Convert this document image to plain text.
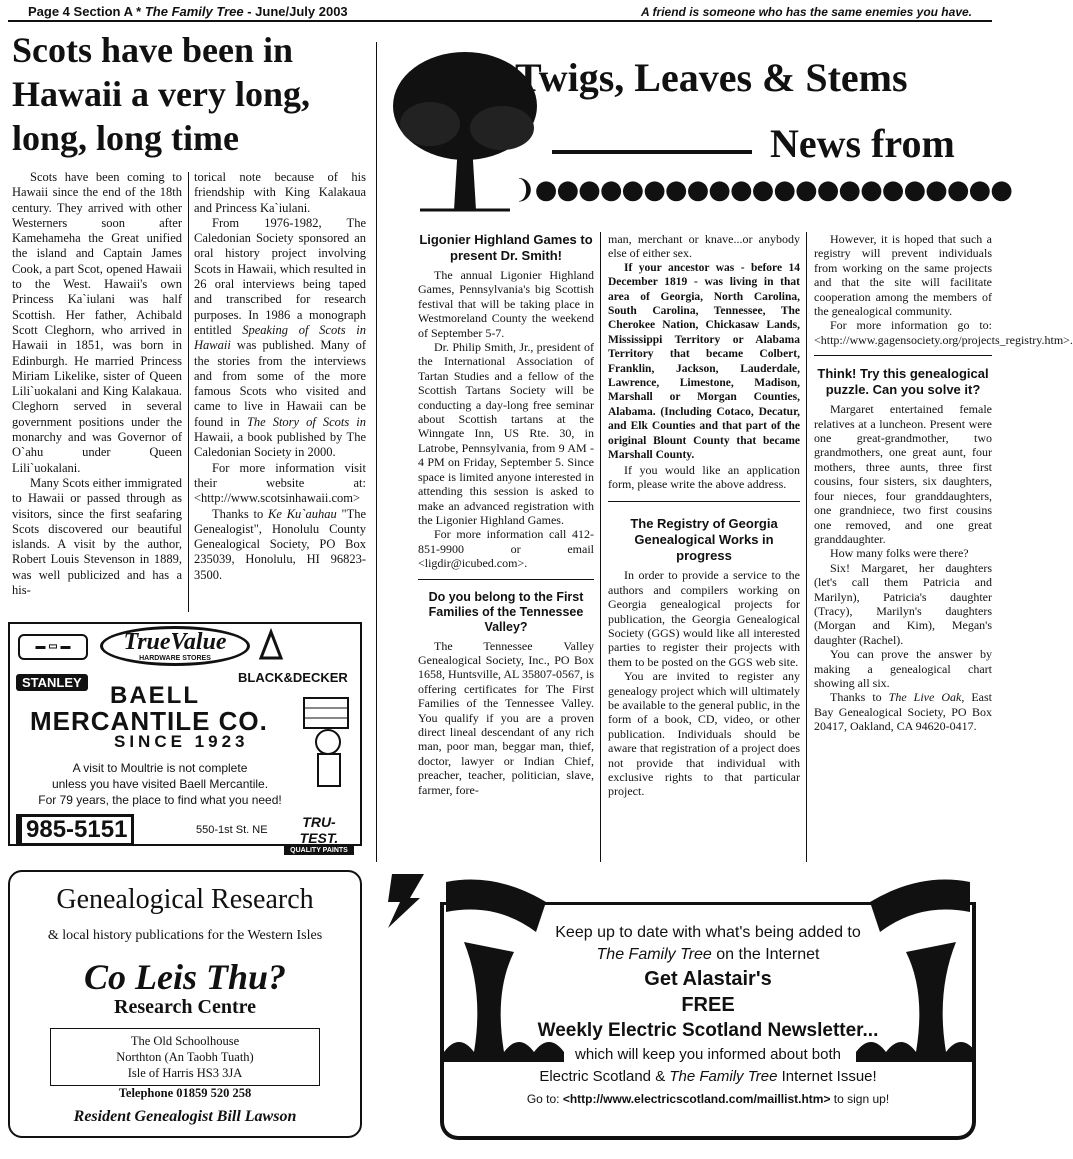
Page 4 Section A * The Family Tree - June/July 2003	A friend is someone who has the same enemies you have.
Scots have been in
Hawaii a very long,
long, long time

Scots have been coming to Hawaii since the end of the 18th century. They arrived with other Westerners soon after Kamehameha the Great unified the island and Captain James Cook, a part Scot, opened Hawaii to the West. Hawaii's own Princess Ka`iulani was half Scottish. Her father, Achibald Scott Cleghorn, who arrived in Hawaii in 1851, was born in Edinburgh. He married Princess Miriam Likelike, sister of Queen Lili`uokalani and King Kalakaua. Cleghorn served in several government positions under the monarchy and was Governor of O`ahu under Queen Lili`uokalani.

Many Scots either immigrated to Hawaii or passed through as visitors, since the first seafaring Scots discovered our beautiful islands. A visit by the author, Robert Louis Stevenson in 1889, was well publicized and has a his-

torical note because of his friendship with King Kalakaua and Princess Ka`iulani.

From 1976-1982, The Caledonian Society sponsored an oral history project involving Scots in Hawaii, which resulted in 26 oral interviews being taped and transcribed for research purposes. In 1986 a monograph entitled Speaking of Scots in Hawaii was published. Many of the stories from the interviews and from some of the more famous Scots who visited and came to live in Hawaii can be found in The Story of Scots in Hawaii, a book published by The Caledonian Society in 2000.

For more information visit their website at: <http://www.scotsinhawaii.com>

Thanks to Ke Ku`auhau "The Genealogist", Honolulu County Genealogical Society, PO Box 235039, Honolulu, HI 96823-3500.

▬ ▭ ▬	TrueValue
HARDWARE STORES
STANLEY	BLACK&DECKER
BAELL
MERCANTILE CO.
SINCE 1923
A visit to Moultrie is not complete
unless you have visited Baell Mercantile.
For 79 years, the place to find what you need!
985-5151	550-1st St. NE	TRU-TEST.
QUALITY PAINTS
Genealogical Research
& local history publications for the Western Isles
Co Leis Thu?
Research Centre
The Old Schoolhouse
Northton (An Taobh Tuath)
Isle of Harris HS3 3JA
Telephone 01859 520 258
Resident Genealogist Bill Lawson
Twigs, Leaves & Stems
News from
❩●●●●●●●●●●●●●●●●●●●●●●
Ligonier Highland Games to present Dr. Smith!

The annual Ligonier Highland Games, Pennsylvania's big Scottish festival that will be taking place in Westmoreland County the weekend of September 5-7.

Dr. Philip Smith, Jr., president of the International Association of Tartan Studies and a fellow of the Scottish Tartans Society will be conducting a day-long free seminar about Scottish tartans at the Winngate Inn, US Rte. 30, in Latrobe, Pennsylvania, from 9 AM - 4 PM on Friday, September 5. Since space is limited anyone interested in attending this session is asked to make an advanced registration with the Ligonier Highland Games.

For more information call 412-851-9900 or email <ligdir@icubed.com>.

Do you belong to the First Families of the Tennessee Valley?

The Tennessee Valley Genealogical Society, Inc., PO Box 1658, Huntsville, AL 35807-0567, is offering certificates for The First Families of the Tennessee Valley. You qualify if you are a proven direct lineal descendant of any rich man, poor man, beggar man, thief, doctor, lawyer or Indian Chief, preacher, teacher, politician, slave, farmer, fore-

man, merchant or knave...or anybody else of either sex.

If your ancestor was - before 14 December 1819 - was living in that area of Georgia, North Carolina, South Carolina, Tennessee, The Cherokee Nation, Chickasaw Lands, Mississippi Territory or Alabama Territory that became Colbert, Franklin, Jackson, Lauderdale, Lawrence, Limestone, Madison, Marshall or Morgan Counties, Alabama. (Including Cotaco, Decatur, and Elk Counties and that part of the original Blount County that became Marshall County.

If you would like an application form, please write the above address.

The Registry of Georgia Genealogical Works in progress

In order to provide a service to the authors and compilers working on Georgia genealogical projects for publication, the Georgia Genealogical Society (GGS) would like all interested parties to register their projects with them to be posted on the GGS web site.

You are invited to register any genealogy project which will ultimately be available to the general public, in the form of a book, CD, video, or other publication. Individuals should be aware that registration of a project does not provide that individual with exclusive rights to that particular project.

However, it is hoped that such a registry will prevent individuals from working on the same projects and that the site will facilitate cooperation among the members of the genealogical community.

For more information go to: <http://www.gagensociety.org/projects_registry.htm>.

Think! Try this genealogical puzzle. Can you solve it?

Margaret entertained female relatives at a luncheon. Present were one great-grandmother, two grandmothers, one great aunt, four mothers, three aunts, three first cousins, four sisters, six daughters, four nieces, four granddaughters, one grandniece, two first cousins one removed, and one great granddaughter.

How many folks were there?

Six! Margaret, her daughters (let's call them Patricia and Marilyn), Patricia's daughter (Tracy), Marilyn's daughters (Morgan and Kim), Megan's daughter (Rachel).

You can prove the answer by making a genealogical chart showing all six.

Thanks to The Live Oak, East Bay Genealogical Society, PO Box 20417, Oakland, CA 94620-0417.

Keep up to date with what's being added to
The Family Tree on the Internet
Get Alastair's
FREE
Weekly Electric Scotland Newsletter...
which will keep you informed about both
Electric Scotland & The Family Tree Internet Issue!
Go to: <http://www.electricscotland.com/maillist.htm> to sign up!
